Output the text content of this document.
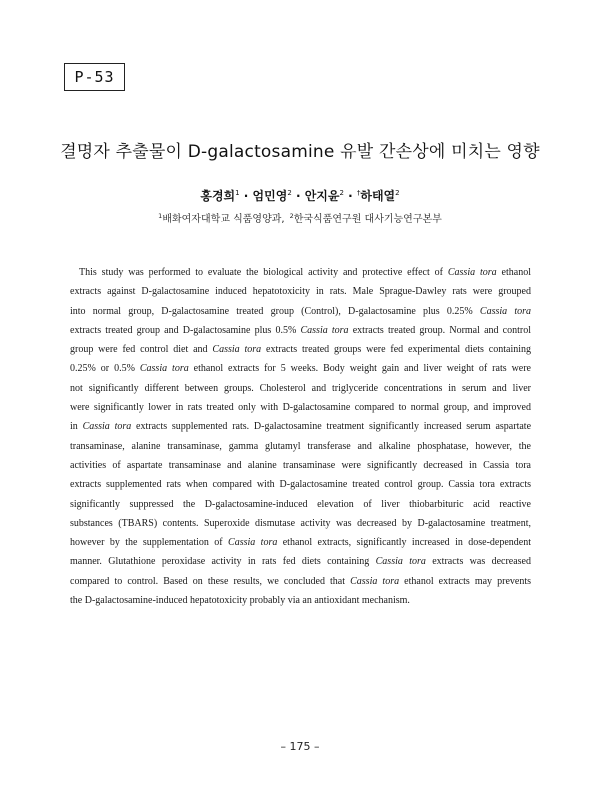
P-53
결명자 추출물이 D-galactosamine 유발 간손상에 미치는 영향
홍경희$^1$ · 엄민영$^2$ · 안지윤$^2$ · †하태열$^2$
$^1$배화여자대학교 식품영양과, $^2$한국식품연구원 대사기능연구본부
This study was performed to evaluate the biological activity and protective effect of Cassia tora ethanol
extracts against D-galactosamine induced hepatotoxicity in rats. Male Sprague-Dawley rats were grouped
into normal group, D-galactosamine treated group (Control), D-galactosamine plus 0.25% Cassia tora
extracts treated group and D-galactosamine plus 0.5% Cassia tora extracts treated group. Normal and control
group were fed control diet and Cassia tora extracts treated groups were fed experimental diets containing
0.25% or 0.5% Cassia tora ethanol extracts for 5 weeks. Body weight gain and liver weight of rats were
not significantly different between groups. Cholesterol and triglyceride concentrations in serum and liver
were significantly lower in rats treated only with D-galactosamine compared to normal group, and improved
in Cassia tora extracts supplemented rats. D-galactosamine treatment significantly increased serum aspartate
transaminase, alanine transaminase, gamma glutamyl transferase and alkaline phosphatase, however, the
activities of aspartate transaminase and alanine transaminase were significantly decreased in Cassia tora
extracts supplemented rats when compared with D-galactosamine treated control group. Cassia tora extracts
significantly suppressed the D-galactosamine-induced elevation of liver thiobarbituric acid reactive
substances (TBARS) contents. Superoxide dismutase activity was decreased by D-galactosamine treatment,
however by the supplementation of Cassia tora ethanol extracts, significantly increased in dose-dependent
manner. Glutathione peroxidase activity in rats fed diets containing Cassia tora extracts was decreased
compared to control. Based on these results, we concluded that Cassia tora ethanol extracts may prevents
the D-galactosamine-induced hepatotoxicity probably via an antioxidant mechanism.
– 175 –
